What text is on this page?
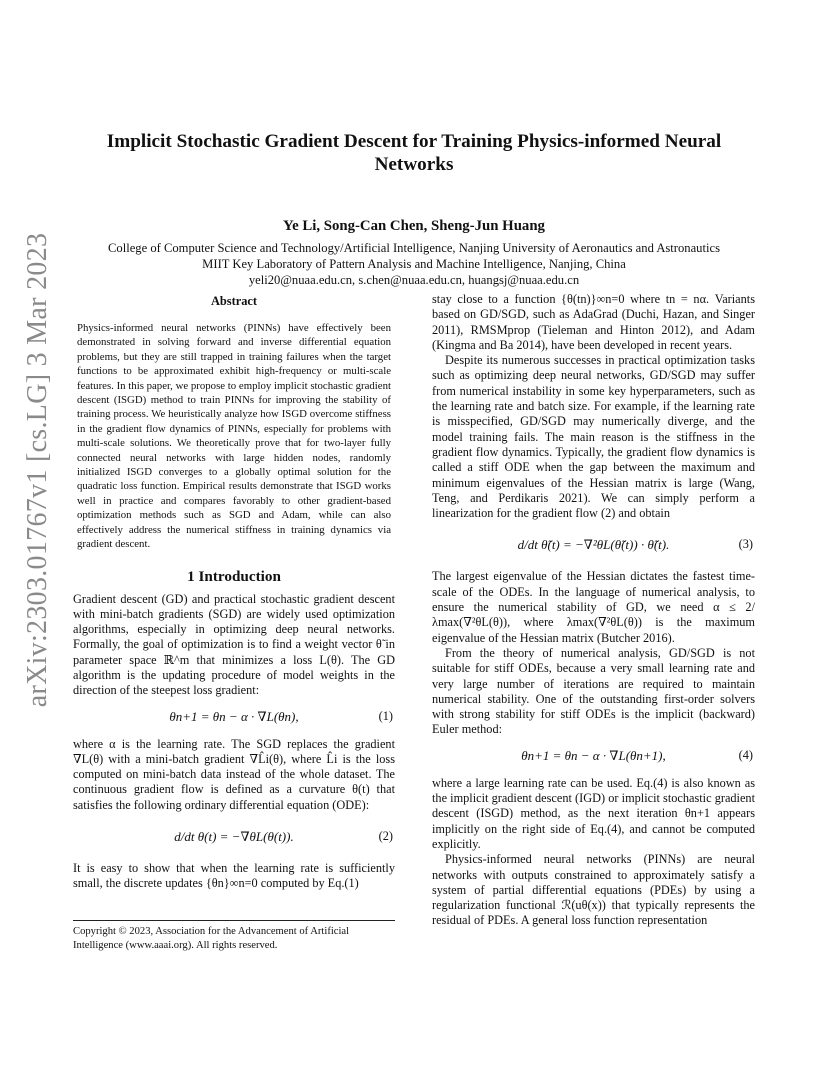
arXiv:2303.01767v1 [cs.LG] 3 Mar 2023
Implicit Stochastic Gradient Descent for Training Physics-informed Neural Networks
Ye Li, Song-Can Chen, Sheng-Jun Huang
College of Computer Science and Technology/Artificial Intelligence, Nanjing University of Aeronautics and Astronautics
MIIT Key Laboratory of Pattern Analysis and Machine Intelligence, Nanjing, China
yeli20@nuaa.edu.cn, s.chen@nuaa.edu.cn, huangsj@nuaa.edu.cn
Abstract

Physics-informed neural networks (PINNs) have effectively been demonstrated in solving forward and inverse differential equation problems, but they are still trapped in training failures when the target functions to be approximated exhibit high-frequency or multi-scale features. In this paper, we propose to employ implicit stochastic gradient descent (ISGD) method to train PINNs for improving the stability of training process. We heuristically analyze how ISGD overcome stiffness in the gradient flow dynamics of PINNs, especially for problems with multi-scale solutions. We theoretically prove that for two-layer fully connected neural networks with large hidden nodes, randomly initialized ISGD converges to a globally optimal solution for the quadratic loss function. Empirical results demonstrate that ISGD works well in practice and compares favorably to other gradient-based optimization methods such as SGD and Adam, while can also effectively address the numerical stiffness in training dynamics via gradient descent.

1 Introduction

Gradient descent (GD) and practical stochastic gradient descent with mini-batch gradients (SGD) are widely used optimization algorithms, especially in optimizing deep neural networks. Formally, the goal of optimization is to find a weight vector θ̃ in parameter space ℝ^m that minimizes a loss L(θ). The GD algorithm is the updating procedure of model weights in the direction of the steepest loss gradient:

θn+1 = θn − α · ∇L(θn),	(1)

where α is the learning rate. The SGD replaces the gradient ∇L(θ) with a mini-batch gradient ∇L̂i(θ), where L̂i is the loss computed on mini-batch data instead of the whole dataset. The continuous gradient flow is defined as a curvature θ(t) that satisfies the following ordinary differential equation (ODE):

d/dt θ(t) = −∇θL(θ(t)).	(2)

It is easy to show that when the learning rate is sufficiently small, the discrete updates {θn}∞n=0 computed by Eq.(1)

Copyright © 2023, Association for the Advancement of Artificial Intelligence (www.aaai.org). All rights reserved.

stay close to a function {θ(tn)}∞n=0 where tn = nα. Variants based on GD/SGD, such as AdaGrad (Duchi, Hazan, and Singer 2011), RMSMprop (Tieleman and Hinton 2012), and Adam (Kingma and Ba 2014), have been developed in recent years.

Despite its numerous successes in practical optimization tasks such as optimizing deep neural networks, GD/SGD may suffer from numerical instability in some key hyperparameters, such as the learning rate and batch size. For example, if the learning rate is misspecified, GD/SGD may numerically diverge, and the model training fails. The main reason is the stiffness in the gradient flow dynamics. Typically, the gradient flow dynamics is called a stiff ODE when the gap between the maximum and minimum eigenvalues of the Hessian matrix is large (Wang, Teng, and Perdikaris 2021). We can simply perform a linearization for the gradient flow (2) and obtain

d/dt θ̃(t) = −∇²θL(θ̃(t)) · θ̃(t).	(3)

The largest eigenvalue of the Hessian dictates the fastest time-scale of the ODEs. In the language of numerical analysis, to ensure the numerical stability of GD, we need α ≤ 2/λmax(∇²θL(θ)), where λmax(∇²θL(θ)) is the maximum eigenvalue of the Hessian matrix (Butcher 2016).

From the theory of numerical analysis, GD/SGD is not suitable for stiff ODEs, because a very small learning rate and very large number of iterations are required to maintain numerical stability. One of the outstanding first-order solvers with strong stability for stiff ODEs is the implicit (backward) Euler method:

θn+1 = θn − α · ∇L(θn+1),	(4)

where a large learning rate can be used. Eq.(4) is also known as the implicit gradient descent (IGD) or implicit stochastic gradient descent (ISGD) method, as the next iteration θn+1 appears implicitly on the right side of Eq.(4), and cannot be computed explicitly.

Physics-informed neural networks (PINNs) are neural networks with outputs constrained to approximately satisfy a system of partial differential equations (PDEs) by using a regularization functional ℛ(uθ(x)) that typically represents the residual of PDEs. A general loss function representation
